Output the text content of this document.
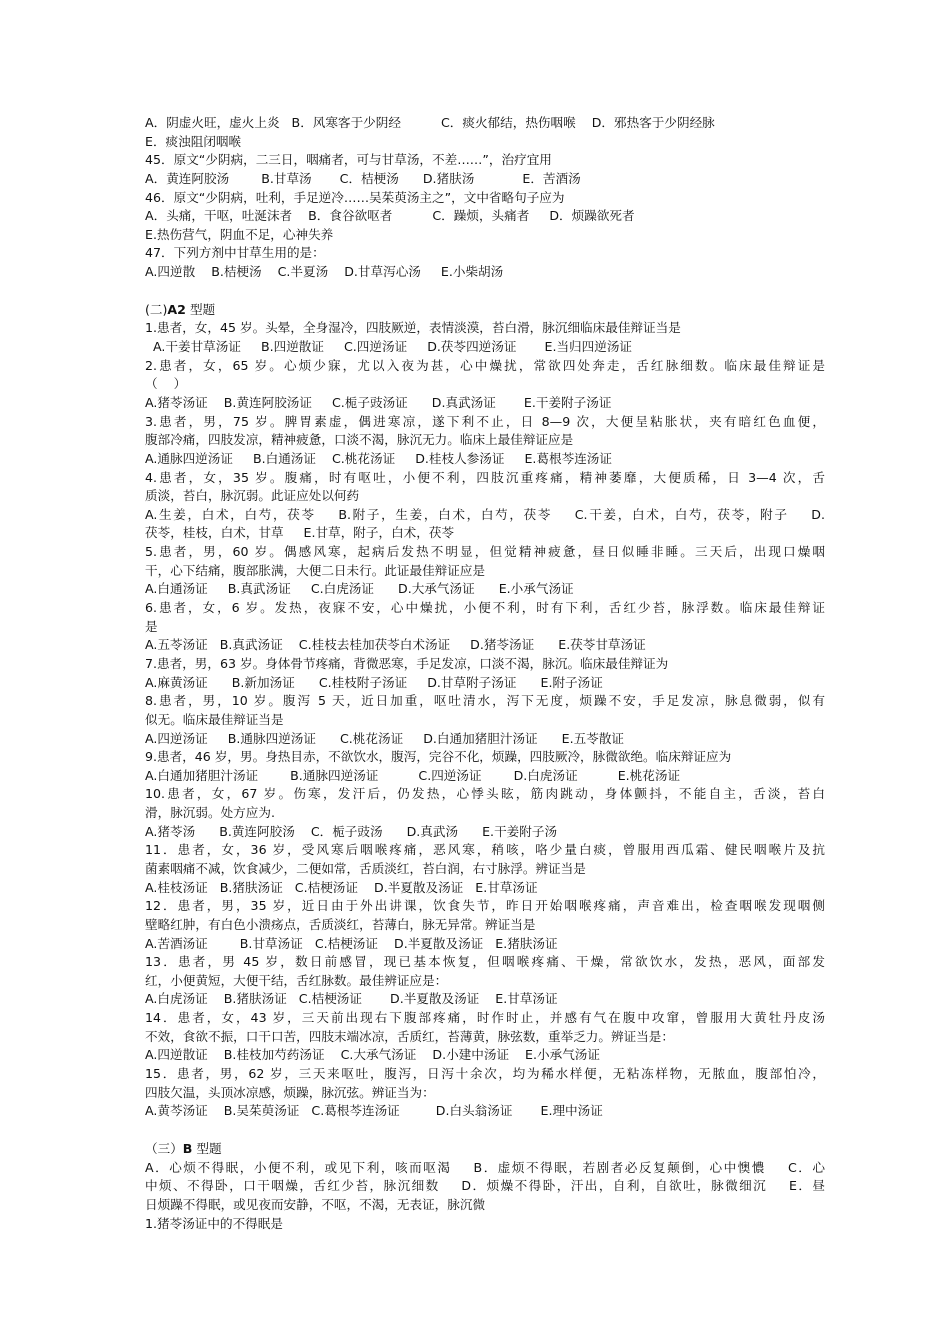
A．阴虚火旺，虚火上炎   B．风寒客于少阴经          C．痰火郁结，热伤咽喉    D．邪热客于少阴经脉
E．痰浊阻闭咽喉
45．原文“少阴病，二三日，咽痛者，可与甘草汤，不差……”，治疗宜用
A．黄连阿胶汤        B.甘草汤       C．桔梗汤      D.猪肤汤            E．苦酒汤
46．原文“少阴病，吐利，手足逆冷……吴茱萸汤主之”，文中省略句子应为
A．头痛，干呕，吐涎沫者    B．食谷欲呕者          C．躁烦，头痛者     D．烦躁欲死者
E.热伤营气，阴血不足，心神失养
47．下列方剂中甘草生用的是：
A.四逆散    B.桔梗汤    C.半夏汤    D.甘草泻心汤     E.小柴胡汤
(二)A2 型题
1.患者，女，45 岁。头晕，全身湿冷，四肢厥逆，表情淡漠，苔白滑，脉沉细临床最佳辩证当是
A.干姜甘草汤证     B.四逆散证     C.四逆汤证     D.茯苓四逆汤证       E.当归四逆汤证
2.患者，女，65 岁。心烦少寐，尤以入夜为甚，心中燥扰，常欲四处奔走，舌红脉细数。临床最佳辩证是
（    ）
A.猪苓汤证    B.黄连阿胶汤证     C.栀子豉汤证      D.真武汤证       E.干姜附子汤证
3.患者，男，75 岁。脾胃素虚，偶进寒凉，遂下利不止，日 8—9 次，大便呈粘胀状，夹有暗红色血便，
腹部冷痛，四肢发凉，精神疲惫，口淡不渴，脉沉无力。临床上最佳辩证应是
A.通脉四逆汤证     B.白通汤证    C.桃花汤证     D.桂枝人参汤证     E.葛根芩连汤证
4.患者，女，35 岁。腹痛，时有呕吐，小便不利，四肢沉重疼痛，精神萎靡，大便质稀，日 3—4 次，舌
质淡，苔白，脉沉弱。此证应处以何药
A.生姜，白术，白芍，茯苓    B.附子，生姜，白术，白芍，茯苓    C.干姜，白术，白芍，茯苓，附子    D.
茯苓，桂枝，白术，甘草     E.甘草，附子，白术，茯苓
5.患者，男，60 岁。偶感风寒，起病后发热不明显，但觉精神疲惫，昼日似睡非睡。三天后，出现口燥咽
干，心下结痛，腹部胀满，大便二日未行。此证最佳辩证应是
A.白通汤证     B.真武汤证     C.白虎汤证      D.大承气汤证      E.小承气汤证
6.患者，女，6 岁。发热，夜寐不安，心中燥扰，小便不利，时有下利，舌红少苔，脉浮数。临床最佳辩证
是
A.五苓汤证   B.真武汤证    C.桂枝去桂加茯苓白术汤证     D.猪苓汤证      E.茯苓甘草汤证
7.患者，男，63 岁。身体骨节疼痛，背微恶寒，手足发凉，口淡不渴，脉沉。临床最佳辩证为
A.麻黄汤证      B.新加汤证      C.桂枝附子汤证     D.甘草附子汤证      E.附子汤证
8.患者，男，10 岁。腹泻 5 天，近日加重，呕吐清水，泻下无度，烦躁不安，手足发凉，脉息微弱，似有
似无。临床最佳辩证当是
A.四逆汤证     B.通脉四逆汤证      C.桃花汤证     D.白通加猪胆汁汤证      E.五苓散证
9.患者，46 岁，男。身热目赤，不欲饮水，腹泻，完谷不化，烦躁，四肢厥冷，脉微欲绝。临床辩证应为
A.白通加猪胆汁汤证        B.通脉四逆汤证          C.四逆汤证        D.白虎汤证          E.桃花汤证
10.患者，女，67 岁。伤寒，发汗后，仍发热，心悸头眩，筋肉跳动，身体颤抖，不能自主，舌淡，苔白
滑，脉沉弱。处方应为.
A.猪苓汤      B.黄连阿胶汤    C．栀子豉汤      D.真武汤      E.干姜附子汤
11．患者，女，36 岁，受风寒后咽喉疼痛，恶风寒，稍咳，咯少量白痰，曾服用西瓜霜、健民咽喉片及抗
菌素咽痛不减，饮食减少，二便如常，舌质淡红，苔白润，右寸脉浮。辨证当是
A.桂枝汤证   B.猪肤汤证   C.桔梗汤证    D.半夏散及汤证   E.甘草汤证
12．患者，男，35 岁，近日由于外出讲课，饮食失节，昨日开始咽喉疼痛，声音难出，检查咽喉发现咽侧
壁略红肿，有白色小溃疡点，舌质淡红，苔薄白，脉无异常。辨证当是
A.苦酒汤证        B.甘草汤证   C.桔梗汤证    D.半夏散及汤证   E.猪肤汤证
13．患者，男 45 岁，数日前感冒，现已基本恢复，但咽喉疼痛、干燥，常欲饮水，发热，恶风，面部发
红，小便黄短，大便干结，舌红脉数。最佳辨证应是：
A.白虎汤证    B.猪肤汤证   C.桔梗汤证       D.半夏散及汤证    E.甘草汤证
14．患者，女，43 岁，三天前出现右下腹部疼痛，时作时止，并感有气在腹中攻窜，曾服用大黄牡丹皮汤
不效，食欲不振，口干口苦，四肢末端冰凉，舌质红，苔薄黄，脉弦数，重举乏力。辨证当是：
A.四逆散证    B.桂枝加芍药汤证    C.大承气汤证    D.小建中汤证    E.小承气汤证
15．患者，男，62 岁，三天来呕吐，腹泻，日泻十余次，均为稀水样便，无粘冻样物，无脓血，腹部怕冷，
四肢欠温，头顶冰凉感，烦躁，脉沉弦。辨证当为：
A.黄芩汤证    B.吴茱萸汤证   C.葛根芩连汤证         D.白头翁汤证       E.理中汤证
（三）B 型题
A．心烦不得眠，小便不利，或见下利，咳而呕渴    B．虚烦不得眠，若剧者必反复颠倒，心中懊憹    C．心
中烦、不得卧，口干咽燥，舌红少苔，脉沉细数    D．烦燥不得卧，汗出，自利，自欲吐，脉微细沉    E．昼
日烦躁不得眠，或见夜而安静，不呕，不渴，无表证，脉沉微
1.猪苓汤证中的不得眠是
